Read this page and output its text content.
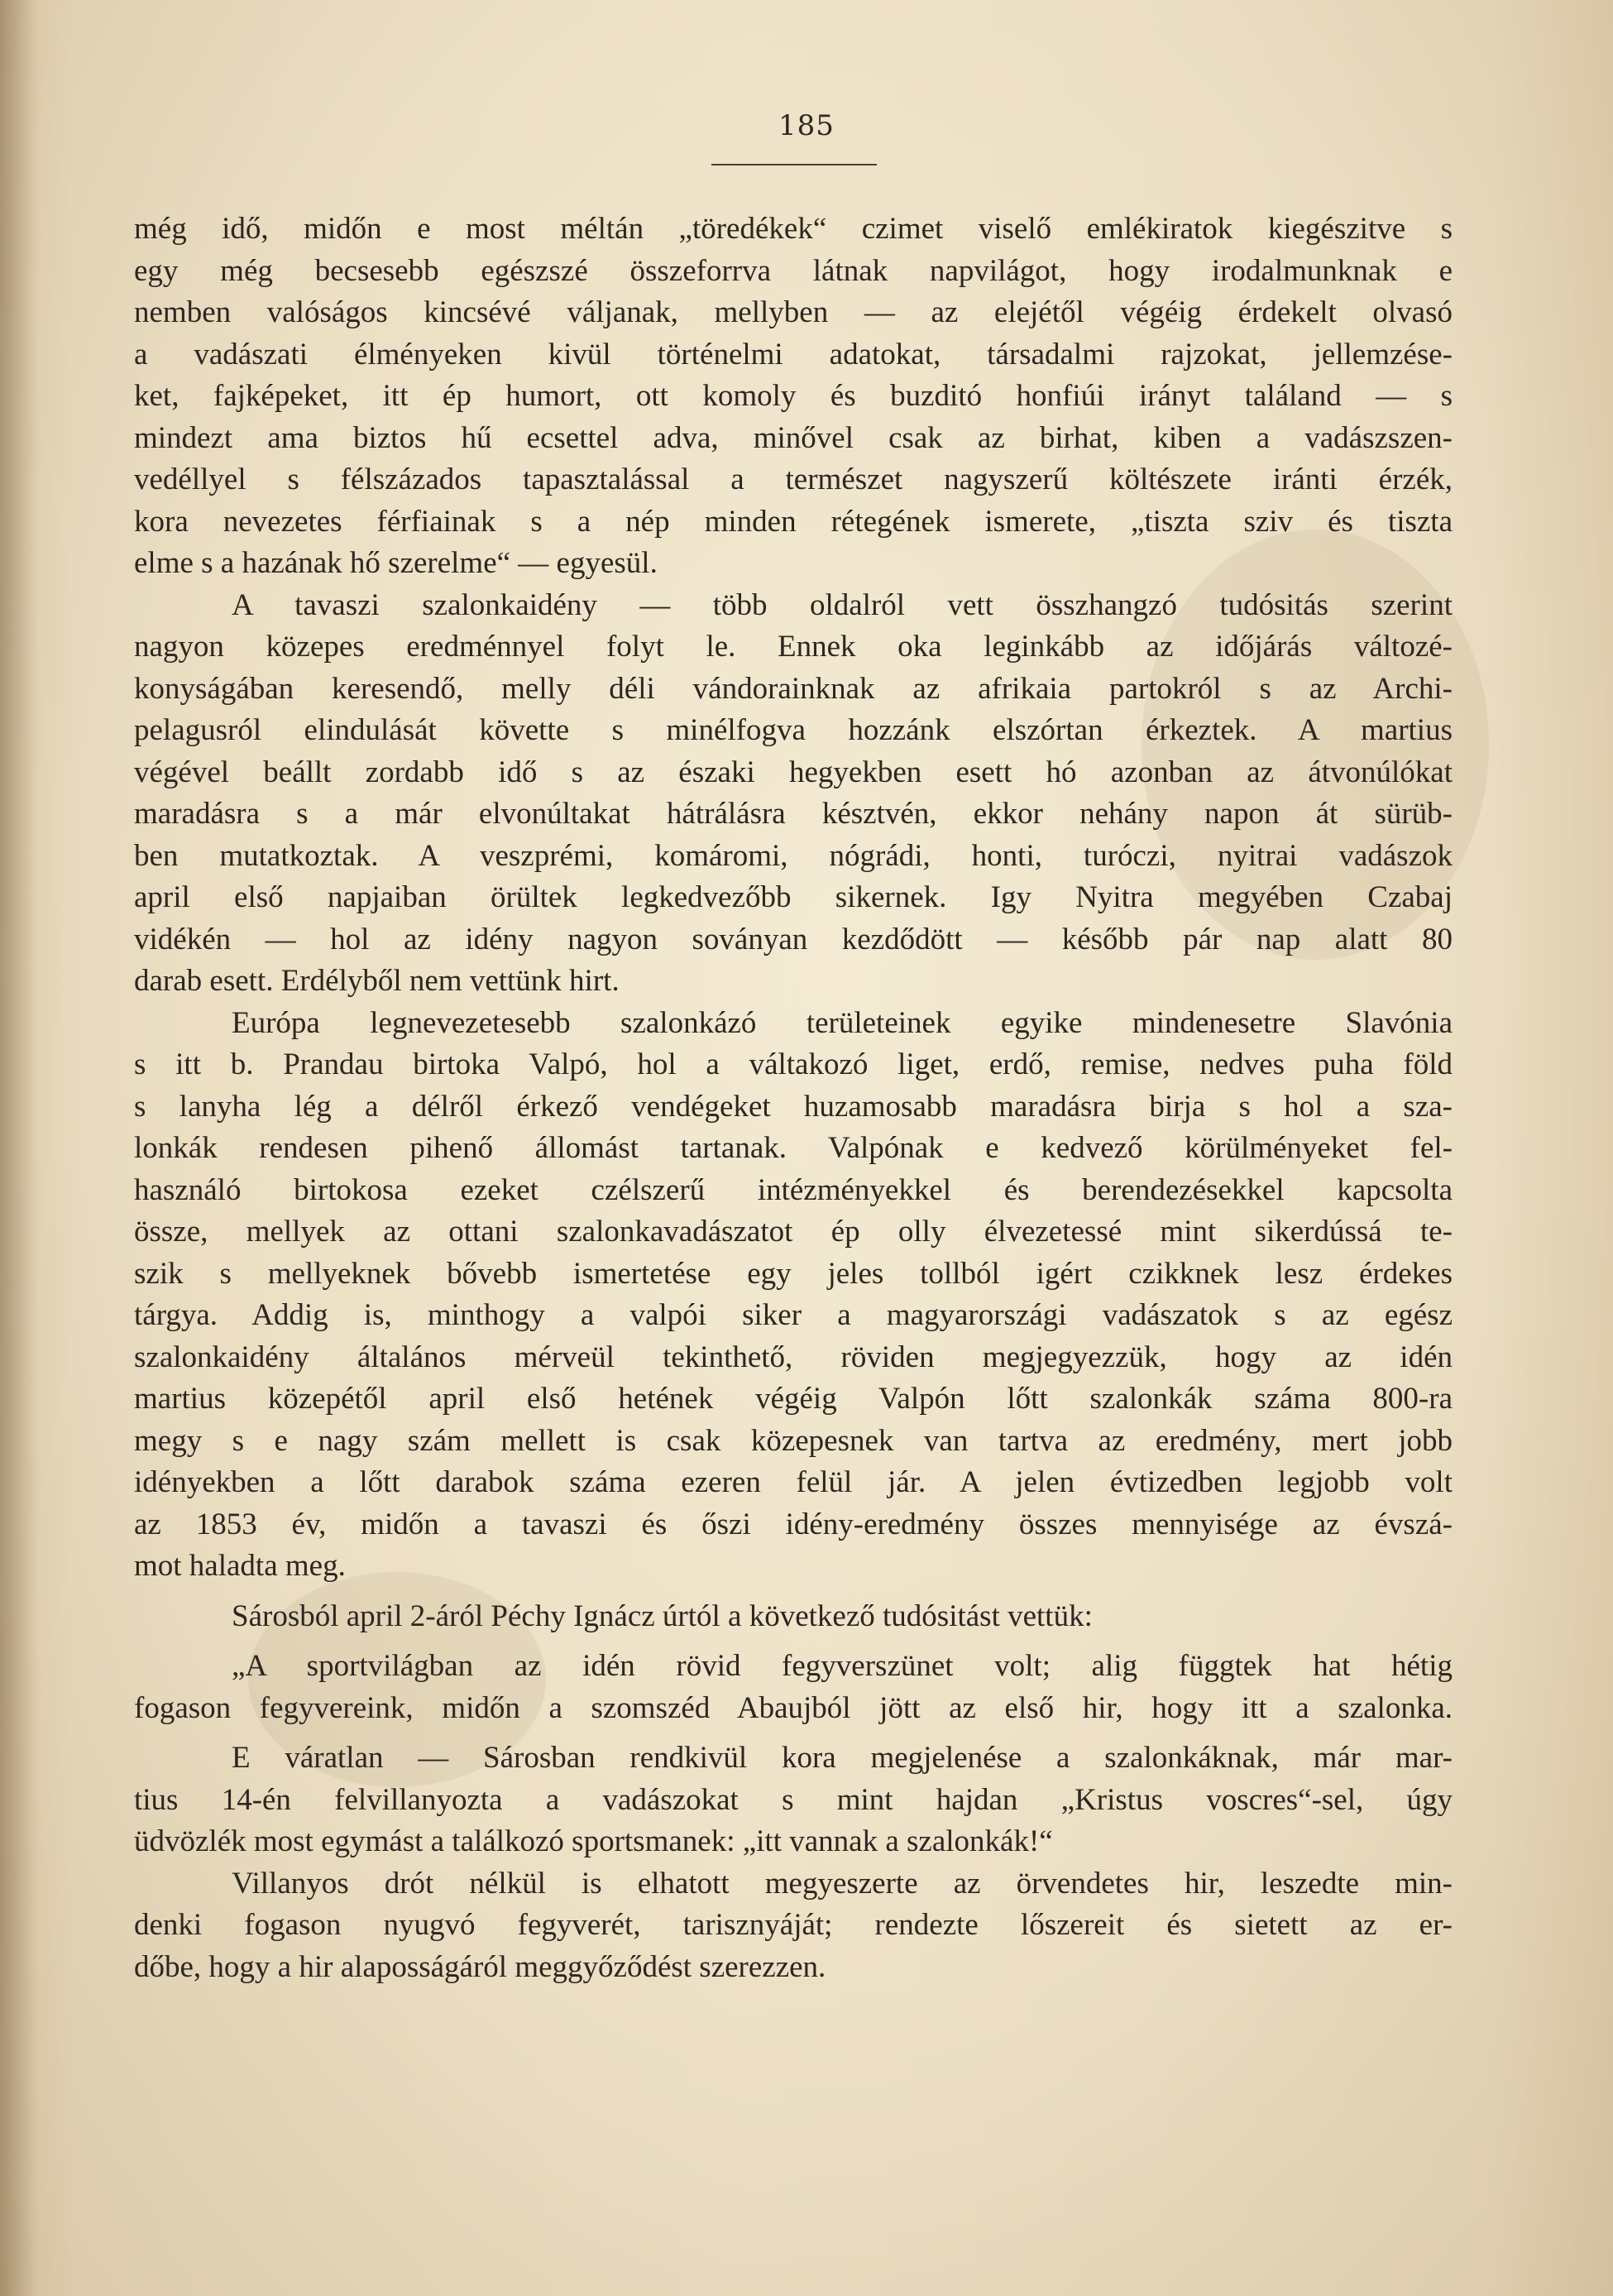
185
még idő, midőn e most méltán „töredékek“ czimet viselő emlékiratok kiegészitve s
egy még becsesebb egészszé összeforrva látnak napvilágot, hogy irodalmunknak e
nemben valóságos kincsévé váljanak, mellyben — az elejétől végéig érdekelt olvasó
a vadászati élményeken kivül történelmi adatokat, társadalmi rajzokat, jellemzése-
ket, fajképeket, itt ép humort, ott komoly és buzditó honfiúi irányt találand — s
mindezt ama biztos hű ecsettel adva, minővel csak az birhat, kiben a vadászszen-
vedéllyel s félszázados tapasztalással a természet nagyszerű költészete iránti érzék,
kora nevezetes férfiainak s a nép minden rétegének ismerete, „tiszta sziv és tiszta
elme s a hazának hő szerelme“ — egyesül.
A tavaszi szalonkaidény — több oldalról vett összhangzó tudósitás szerint
nagyon közepes eredménnyel folyt le. Ennek oka leginkább az időjárás változé-
konyságában keresendő, melly déli vándorainknak az afrikaia partokról s az Archi-
pelagusról elindulását követte s minélfogva hozzánk elszórtan érkeztek. A martius
végével beállt zordabb idő s az északi hegyekben esett hó azonban az átvonúlókat
maradásra s a már elvonúltakat hátrálásra késztvén, ekkor nehány napon át sürüb-
ben mutatkoztak. A veszprémi, komáromi, nógrádi, honti, turóczi, nyitrai vadászok
april első napjaiban örültek legkedvezőbb sikernek. Igy Nyitra megyében Czabaj
vidékén — hol az idény nagyon soványan kezdődött — később pár nap alatt 80
darab esett. Erdélyből nem vettünk hirt.
Európa legnevezetesebb szalonkázó területeinek egyike mindenesetre Slavónia
s itt b. Prandau birtoka Valpó, hol a váltakozó liget, erdő, remise, nedves puha föld
s lanyha lég a délről érkező vendégeket huzamosabb maradásra birja s hol a sza-
lonkák rendesen pihenő állomást tartanak. Valpónak e kedvező körülményeket fel-
használó birtokosa ezeket czélszerű intézményekkel és berendezésekkel kapcsolta
össze, mellyek az ottani szalonkavadászatot ép olly élvezetessé mint sikerdússá te-
szik s mellyeknek bővebb ismertetése egy jeles tollból igért czikknek lesz érdekes
tárgya. Addig is, minthogy a valpói siker a magyarországi vadászatok s az egész
szalonkaidény általános mérveül tekinthető, röviden megjegyezzük, hogy az idén
martius közepétől april első hetének végéig Valpón lőtt szalonkák száma 800-ra
megy s e nagy szám mellett is csak közepesnek van tartva az eredmény, mert jobb
idényekben a lőtt darabok száma ezeren felül jár. A jelen évtizedben legjobb volt
az 1853 év, midőn a tavaszi és őszi idény-eredmény összes mennyisége az évszá-
mot haladta meg.
Sárosból april 2-áról Péchy Ignácz úrtól a következő tudósitást vettük:
„A sportvilágban az idén rövid fegyverszünet volt; alig függtek hat hétig
fogason fegyvereink, midőn a szomszéd Abaujból jött az első hir, hogy itt a szalonka.
E váratlan — Sárosban rendkivül kora megjelenése a szalonkáknak, már mar-
tius 14-én felvillanyozta a vadászokat s mint hajdan „Kristus voscres“-sel, úgy
üdvözlék most egymást a találkozó sportsmanek: „itt vannak a szalonkák!“
Villanyos drót nélkül is elhatott megyeszerte az örvendetes hir, leszedte min-
denki fogason nyugvó fegyverét, tarisznyáját; rendezte lőszereit és sietett az er-
dőbe, hogy a hir alaposságáról meggyőződést szerezzen.
